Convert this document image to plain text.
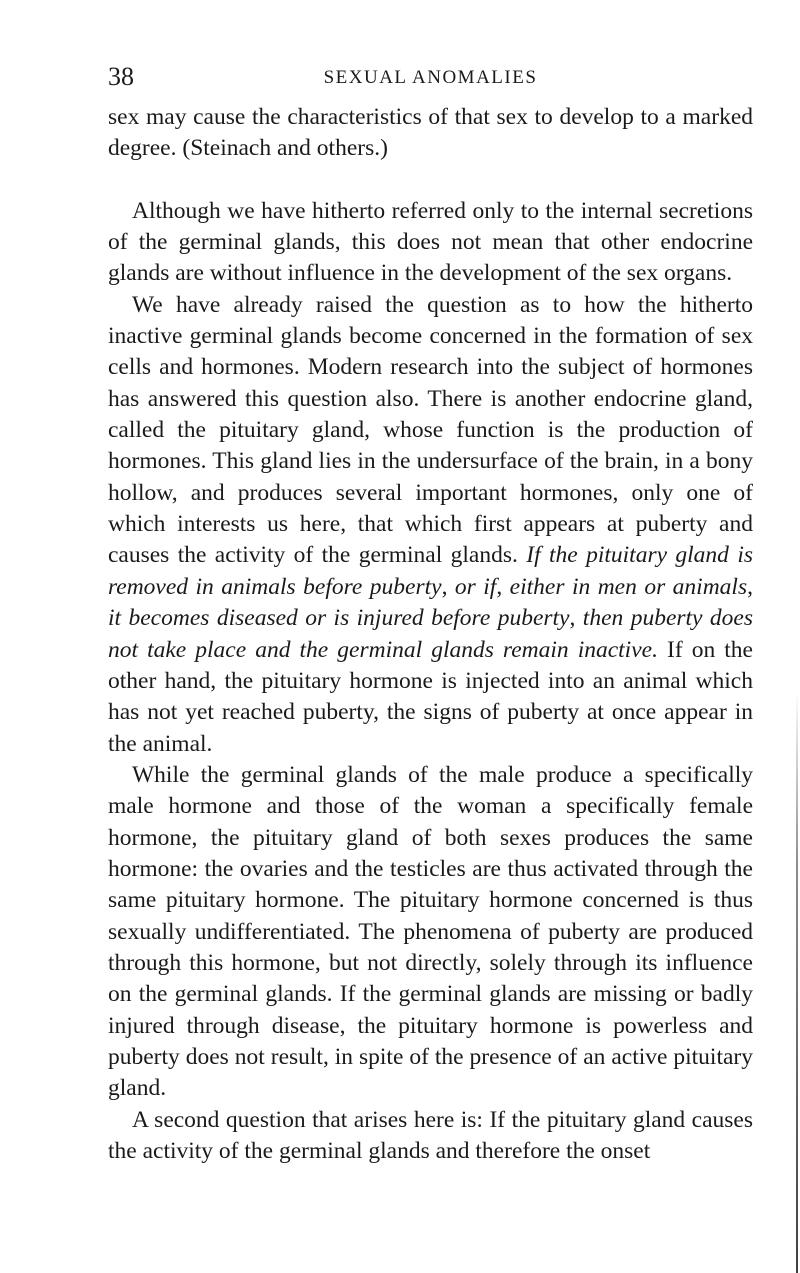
38	SEXUAL ANOMALIES

sex may cause the characteristics of that sex to develop to a marked degree. (Steinach and others.)

Although we have hitherto referred only to the internal secretions of the germinal glands, this does not mean that other endocrine glands are without influence in the development of the sex organs.

We have already raised the question as to how the hitherto inactive germinal glands become concerned in the formation of sex cells and hormones. Modern research into the subject of hormones has answered this question also. There is another endocrine gland, called the pituitary gland, whose function is the production of hormones. This gland lies in the undersurface of the brain, in a bony hollow, and produces several important hormones, only one of which interests us here, that which first appears at puberty and causes the activity of the germinal glands. If the pituitary gland is removed in animals before puberty, or if, either in men or animals, it becomes diseased or is injured before puberty, then puberty does not take place and the germinal glands remain inactive. If on the other hand, the pituitary hormone is injected into an animal which has not yet reached puberty, the signs of puberty at once appear in the animal.

While the germinal glands of the male produce a specifically male hormone and those of the woman a specifically female hormone, the pituitary gland of both sexes produces the same hormone: the ovaries and the testicles are thus activated through the same pituitary hormone. The pituitary hormone concerned is thus sexually undifferentiated. The phenomena of puberty are produced through this hormone, but not directly, solely through its influence on the germinal glands. If the germinal glands are missing or badly injured through disease, the pituitary hormone is powerless and puberty does not result, in spite of the presence of an active pituitary gland.

A second question that arises here is: If the pituitary gland causes the activity of the germinal glands and therefore the onset
